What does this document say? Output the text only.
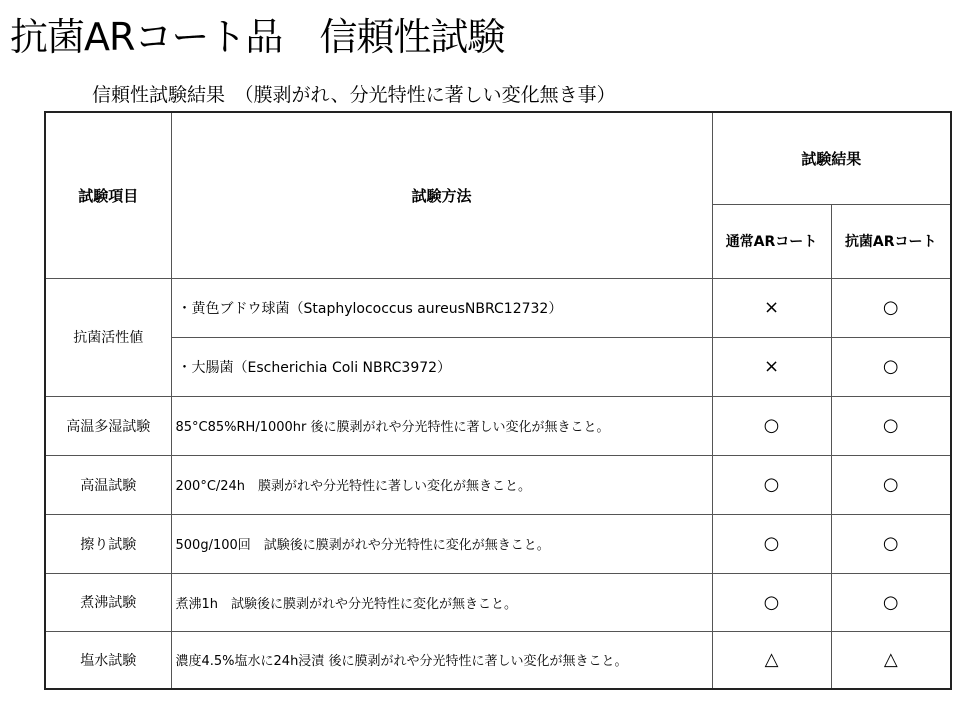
抗菌ARコート品　信頼性試験
信頼性試験結果　（膜剥がれ、分光特性に著しい変化無き事）
試験項目	試験方法	試験結果	
		通常ARコート	抗菌ARコート
抗菌活性値	・黄色ブドウ球菌（Staphylococcus aureusNBRC12732）	×	○
	・大腸菌（Escherichia Coli NBRC3972）	×	○
高温多湿試験	85°C85%RH/1000hr 後に膜剥がれや分光特性に著しい変化が無きこと。	○	○
高温試験	200°C/24h　膜剥がれや分光特性に著しい変化が無きこと。	○	○
擦り試験	500g/100回　試験後に膜剥がれや分光特性に変化が無きこと。	○	○
煮沸試験	煮沸1h　試験後に膜剥がれや分光特性に変化が無きこと。	○	○
塩水試験	濃度4.5%塩水に24h浸漬 後に膜剥がれや分光特性に著しい変化が無きこと。	△	△
